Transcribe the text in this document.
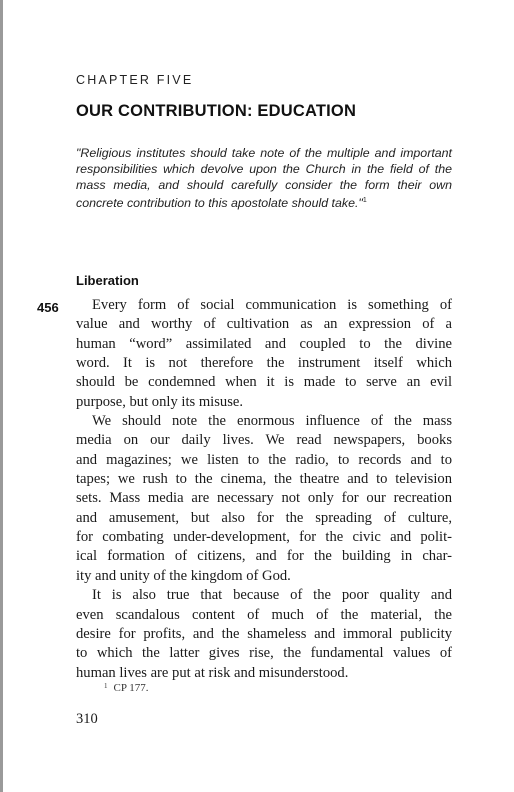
CHAPTER FIVE
OUR CONTRIBUTION: EDUCATION

"Religious institutes should take note of the multiple and important responsibilities which devolve upon the Church in the field of the mass media, and should carefully consider the form their own concrete contribution to this apostolate should take."$^1$

Liberation
456	Every form of social communication is something of
value and worthy of cultivation as an expression of a
human “word” assimilated and coupled to the divine
word. It is not therefore the instrument itself which
should be condemned when it is made to serve an evil
purpose, but only its misuse.
We should note the enormous influence of the mass
media on our daily lives. We read newspapers, books
and magazines; we listen to the radio, to records and to
tapes; we rush to the cinema, the theatre and to television
sets. Mass media are necessary not only for our recreation
and amusement, but also for the spreading of culture,
for combating under-development, for the civic and polit-
ical formation of citizens, and for the building in char-
ity and unity of the kingdom of God.
It is also true that because of the poor quality and
even scandalous content of much of the material, the
desire for profits, and the shameless and immoral publicity
to which the latter gives rise, the fundamental values of
human lives are put at risk and misunderstood.
$^1$ CP 177.
310
